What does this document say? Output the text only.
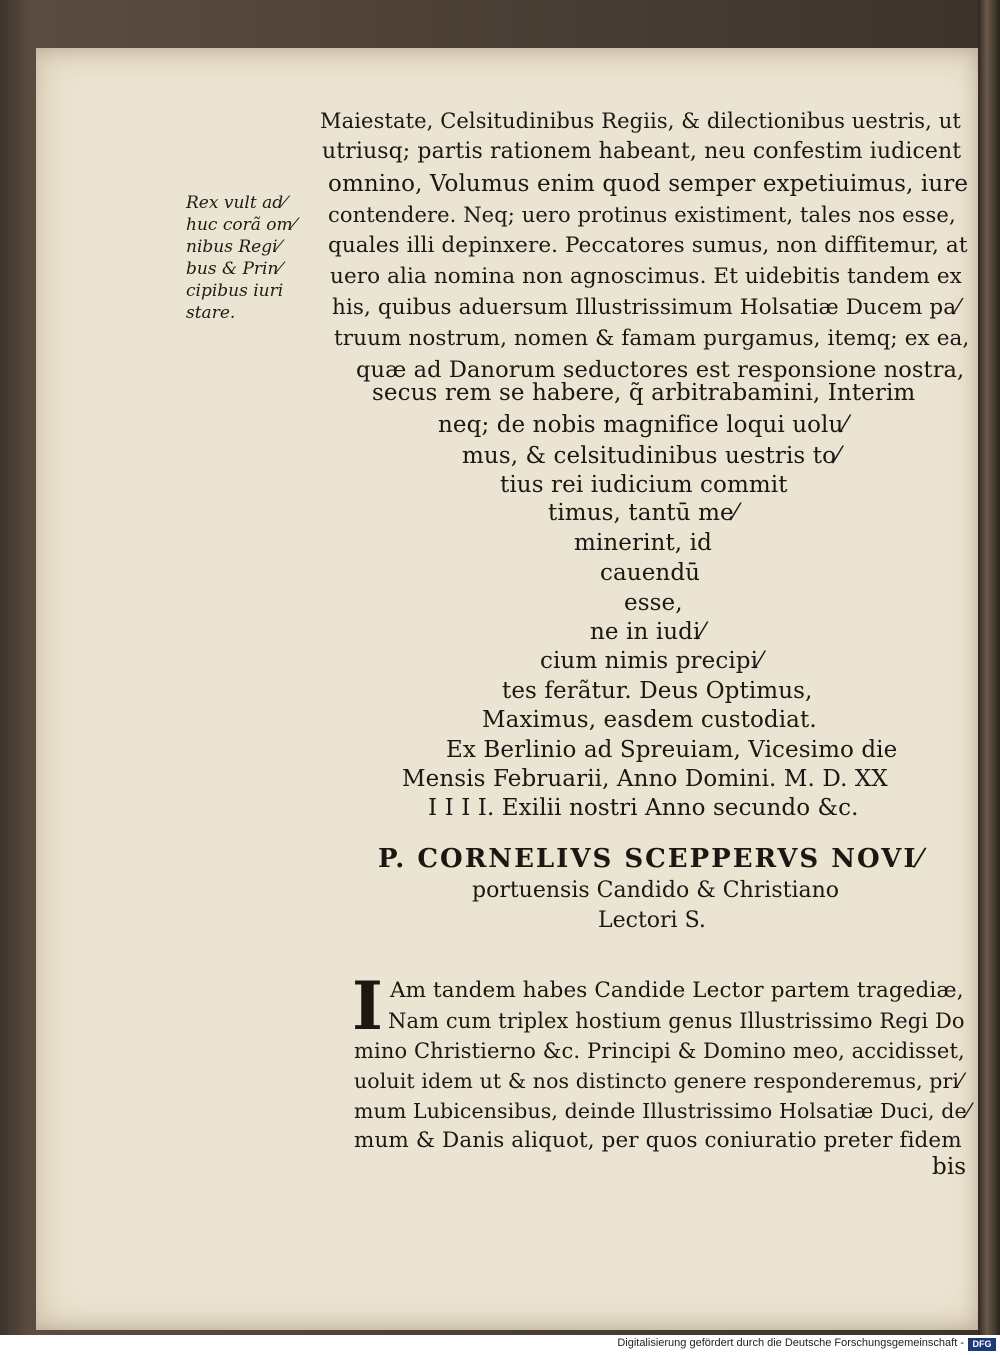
Rex vult ad⁄
huc corã om⁄
nibus Regi⁄
bus & Prin⁄
cipibus iuri
stare.
Maiestate, Celsitudinibus Regiis, & dilectionibus uestris, ut
utriusq; partis rationem habeant, neu confestim iudicent
omnino, Volumus enim quod semper expetiuimus, iure
contendere. Neq; uero protinus existiment, tales nos esse,
quales illi depinxere. Peccatores sumus, non diffitemur, at
uero alia nomina non agnoscimus. Et uidebitis tandem ex
his, quibus aduersum Illustrissimum Holsatiæ Ducem pa⁄
truum nostrum, nomen & famam purgamus, itemq; ex ea,
quæ ad Danorum seductores est responsione nostra,
secus rem se habere, q̃ arbitrabamini, Interim
neq; de nobis magnifice loqui uolu⁄
mus, & celsitudinibus uestris to⁄
tius rei iudicium commit
timus, tantū me⁄
minerint, id
cauendū
esse,
ne in iudi⁄
cium nimis precipi⁄
tes ferãtur. Deus Optimus,
Maximus, easdem custodiat.
Ex Berlinio ad Spreuiam, Vicesimo die
Mensis Februarii, Anno Domini. M. D. XX
I I I I. Exilii nostri Anno secundo &c.
P. CORNELIVS SCEPPERVS NOVI⁄
portuensis Candido & Christiano
Lectori S.
I Am tandem habes Candide Lector partem tragediæ,
Nam cum triplex hostium genus Illustrissimo Regi Do
mino Christierno &c. Principi & Domino meo, accidisset,
uoluit idem ut & nos distincto genere responderemus, pri⁄
mum Lubicensibus, deinde Illustrissimo Holsatiæ Duci, de⁄
mum & Danis aliquot, per quos coniuratio preter fidem
bis
Digitalisierung gefördert durch die Deutsche Forschungsgemeinschaft - DFG
